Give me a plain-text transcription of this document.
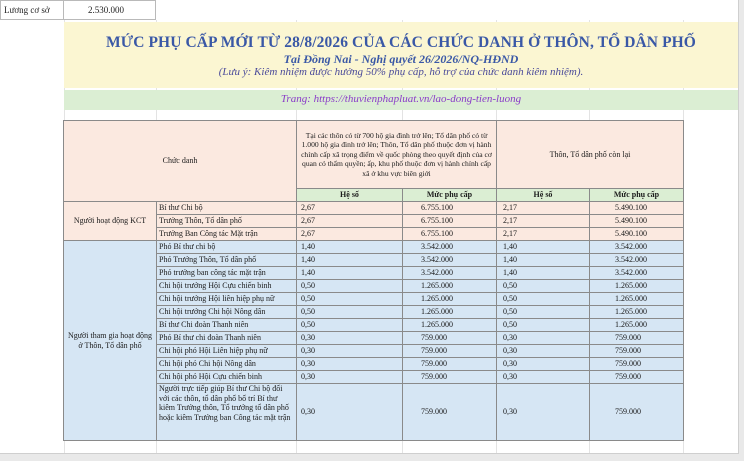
Lương cơ sở	2.530.000
MỨC PHỤ CẤP MỚI TỪ 28/8/2026 CỦA CÁC CHỨC DANH Ở THÔN, TỔ DÂN PHỐ
Tại Đồng Nai - Nghị quyết 26/2026/NQ-HĐND
(Lưu ý: Kiêm nhiệm được hưởng 50% phụ cấp, hỗ trợ của chức danh kiêm nhiệm).
Trang: https://thuvienphapluat.vn/lao-dong-tien-luong
Chức danh		Tại các thôn có từ 700 hộ gia đình trở lên; Tổ dân phố có từ 1.000 hộ gia đình trở lên; Thôn, Tổ dân phố thuộc đơn vị hành chính cấp xã trọng điểm về quốc phòng theo quyết định của cơ quan có thẩm quyền; ấp, khu phố thuộc đơn vị hành chính cấp xã ở khu vực biên giới		Thôn, Tổ dân phố còn lại	
		Hệ số	Mức phụ cấp	Hệ số	Mức phụ cấp
Người hoạt động KCT	Bí thư Chi bộ	2,67	6.755.100	2,17	5.490.100
	Trưởng Thôn, Tổ dân phố	2,67	6.755.100	2,17	5.490.100
	Trưởng Ban Công tác Mặt trận	2,67	6.755.100	2,17	5.490.100
Người tham gia hoạt động ở Thôn, Tổ dân phố	Phó Bí thư chi bộ	1,40	3.542.000	1,40	3.542.000
	Phó Trưởng Thôn, Tổ dân phố	1,40	3.542.000	1,40	3.542.000
	Phó trưởng ban công tác mặt trận	1,40	3.542.000	1,40	3.542.000
	Chi hội trưởng Hội Cựu chiến binh	0,50	1.265.000	0,50	1.265.000
	Chi hội trưởng Hội liên hiệp phụ nữ	0,50	1.265.000	0,50	1.265.000
	Chi hội trưởng Chi hội Nông dân	0,50	1.265.000	0,50	1.265.000
	Bí thư Chi đoàn Thanh niên	0,50	1.265.000	0,50	1.265.000
	Phó Bí thư chi đoàn Thanh niên	0,30	759.000	0,30	759.000
	Chi hội phó Hội Liên hiệp phụ nữ	0,30	759.000	0,30	759.000
	Chi hội phó Chi hội Nông dân	0,30	759.000	0,30	759.000
	Chi hội phó Hội Cựu chiến binh	0,30	759.000	0,30	759.000
	Người trực tiếp giúp Bí thư Chi bộ đối với các thôn, tổ dân phố bố trí Bí thư kiêm Trưởng thôn, Tổ trưởng tổ dân phố hoặc kiêm Trưởng ban Công tác mặt trận	0,30	759.000	0,30	759.000
